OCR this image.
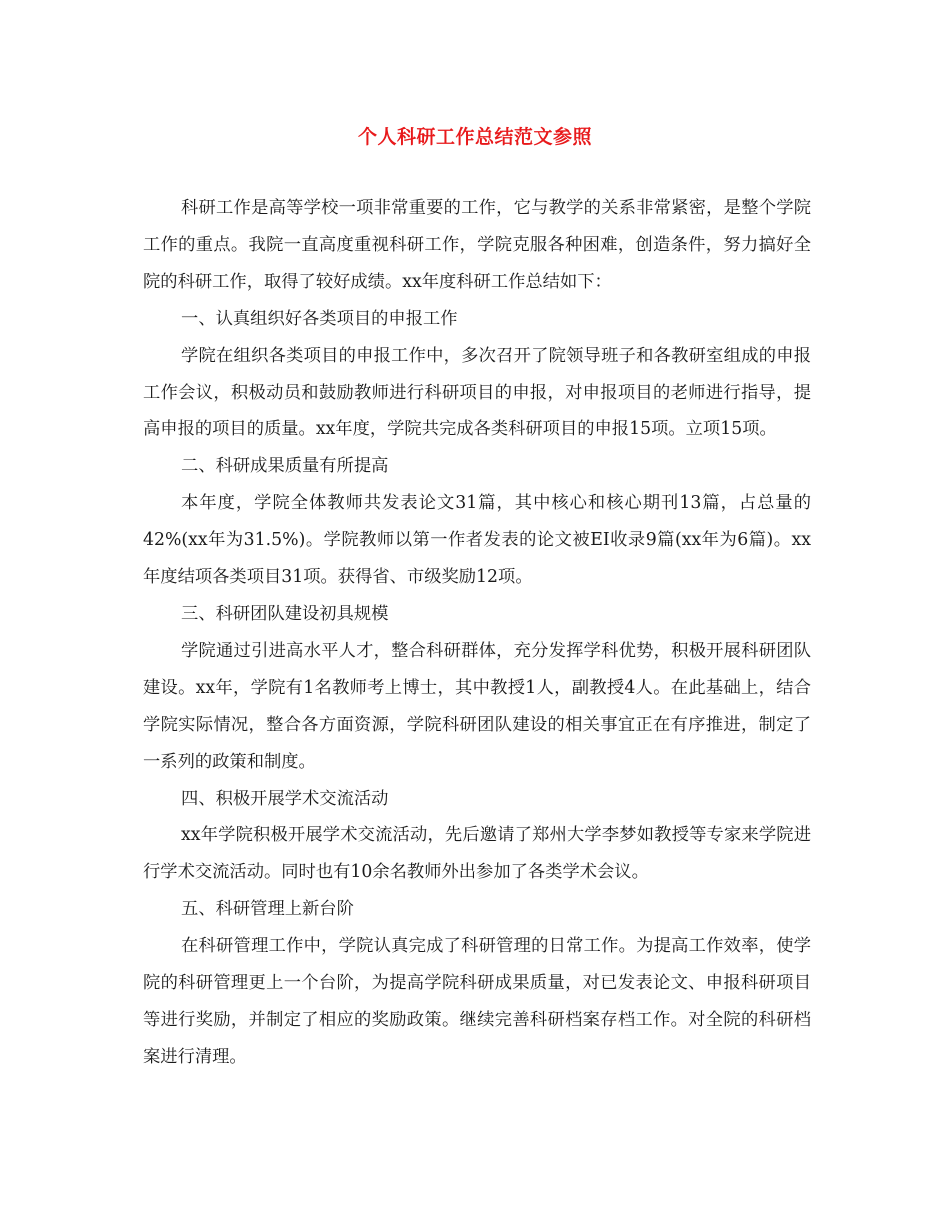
个人科研工作总结范文参照

科研工作是高等学校一项非常重要的工作，它与教学的关系非常紧密，是整个学院工作的重点。我院一直高度重视科研工作，学院克服各种困难，创造条件，努力搞好全院的科研工作，取得了较好成绩。xx年度科研工作总结如下：

一、认真组织好各类项目的申报工作

学院在组织各类项目的申报工作中，多次召开了院领导班子和各教研室组成的申报工作会议，积极动员和鼓励教师进行科研项目的申报，对申报项目的老师进行指导，提高申报的项目的质量。xx年度，学院共完成各类科研项目的申报15项。立项15项。

二、科研成果质量有所提高

本年度，学院全体教师共发表论文31篇，其中核心和核心期刊13篇，占总量的42%(xx年为31.5%)。学院教师以第一作者发表的论文被EI收录9篇(xx年为6篇)。xx年度结项各类项目31项。获得省、市级奖励12项。

三、科研团队建设初具规模

学院通过引进高水平人才，整合科研群体，充分发挥学科优势，积极开展科研团队建设。xx年，学院有1名教师考上博士，其中教授1人，副教授4人。在此基础上，结合学院实际情况，整合各方面资源，学院科研团队建设的相关事宜正在有序推进，制定了一系列的政策和制度。

四、积极开展学术交流活动

xx年学院积极开展学术交流活动，先后邀请了郑州大学李梦如教授等专家来学院进行学术交流活动。同时也有10余名教师外出参加了各类学术会议。

五、科研管理上新台阶

在科研管理工作中，学院认真完成了科研管理的日常工作。为提高工作效率，使学院的科研管理更上一个台阶，为提高学院科研成果质量，对已发表论文、申报科研项目等进行奖励，并制定了相应的奖励政策。继续完善科研档案存档工作。对全院的科研档案进行清理。
